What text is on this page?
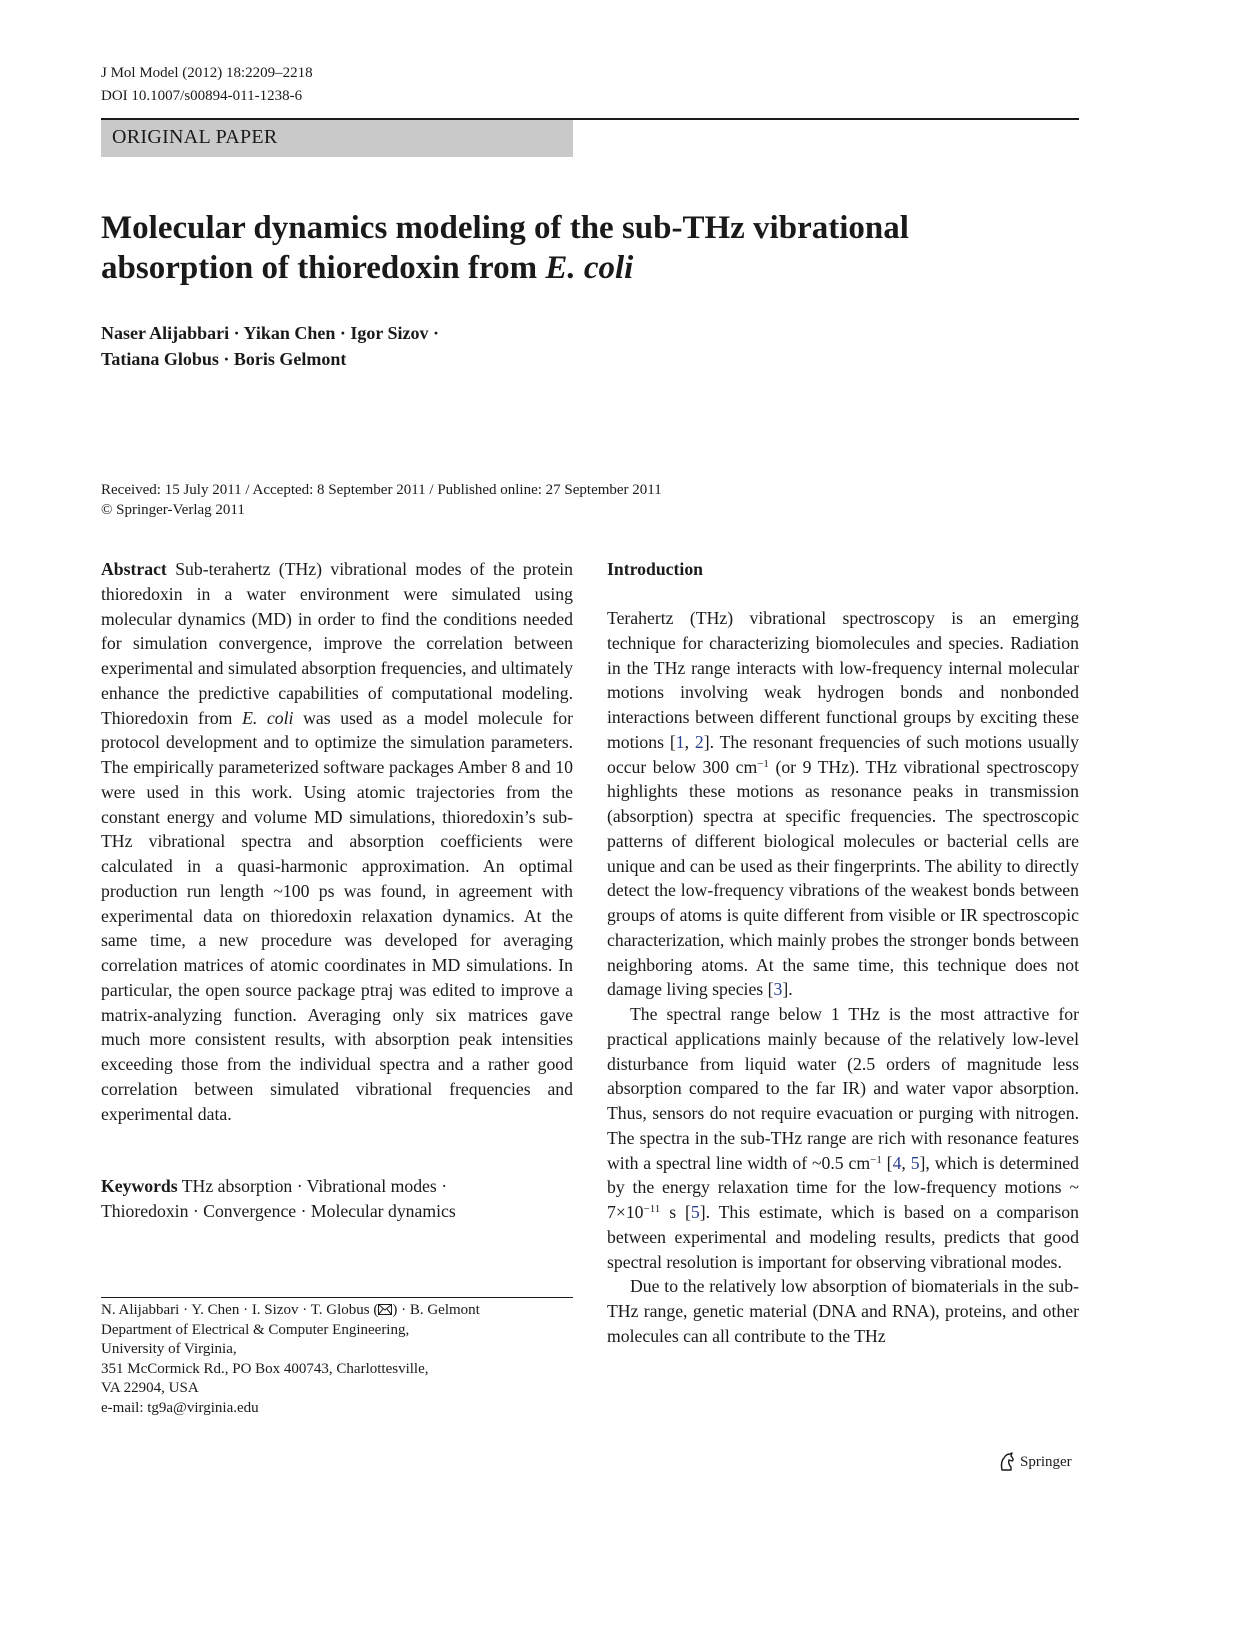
J Mol Model (2012) 18:2209–2218
DOI 10.1007/s00894-011-1238-6
ORIGINAL PAPER
Molecular dynamics modeling of the sub-THz vibrational
absorption of thioredoxin from E. coli
Naser Alijabbari · Yikan Chen · Igor Sizov ·
Tatiana Globus · Boris Gelmont
Received: 15 July 2011 / Accepted: 8 September 2011 / Published online: 27 September 2011
© Springer-Verlag 2011

Abstract Sub-terahertz (THz) vibrational modes of the protein thioredoxin in a water environment were simulated using molecular dynamics (MD) in order to find the conditions needed for simulation convergence, improve the correlation between experimental and simulated absorption frequencies, and ultimately enhance the predictive capabilities of computational modeling. Thioredoxin from E. coli was used as a model molecule for protocol development and to optimize the simulation parameters. The empirically parameterized software packages Amber 8 and 10 were used in this work. Using atomic trajectories from the constant energy and volume MD simulations, thioredoxin’s sub-THz vibrational spectra and absorption coefficients were calculated in a quasi-harmonic approximation. An optimal production run length ~100 ps was found, in agreement with experimental data on thioredoxin relaxation dynamics. At the same time, a new procedure was developed for averaging correlation matrices of atomic coordinates in MD simulations. In particular, the open source package ptraj was edited to improve a matrix-analyzing function. Averaging only six matrices gave much more consistent results, with absorption peak intensities exceeding those from the individual spectra and a rather good correlation between simulated vibrational frequencies and experimental data.

Keywords THz absorption · Vibrational modes ·
Thioredoxin · Convergence · Molecular dynamics
N. Alijabbari · Y. Chen · I. Sizov · T. Globus ( ) · B. Gelmont
Department of Electrical & Computer Engineering,
University of Virginia,
351 McCormick Rd., PO Box 400743, Charlottesville,
VA 22904, USA
e-mail: tg9a@virginia.edu
Introduction

Terahertz (THz) vibrational spectroscopy is an emerging technique for characterizing biomolecules and species. Radiation in the THz range interacts with low-frequency internal molecular motions involving weak hydrogen bonds and nonbonded interactions between different functional groups by exciting these motions [1, 2]. The resonant frequencies of such motions usually occur below 300 $cm^{-1}$ (or 9 THz). THz vibrational spectroscopy highlights these motions as resonance peaks in transmission (absorption) spectra at specific frequencies. The spectroscopic patterns of different biological molecules or bacterial cells are unique and can be used as their fingerprints. The ability to directly detect the low-frequency vibrations of the weakest bonds between groups of atoms is quite different from visible or IR spectroscopic characterization, which mainly probes the stronger bonds between neighboring atoms. At the same time, this technique does not damage living species [3].

The spectral range below 1 THz is the most attractive for practical applications mainly because of the relatively low-level disturbance from liquid water (2.5 orders of magnitude less absorption compared to the far IR) and water vapor absorption. Thus, sensors do not require evacuation or purging with nitrogen. The spectra in the sub-THz range are rich with resonance features with a spectral line width of ~0.5 $cm^{-1}$ [4, 5], which is determined by the energy relaxation time for the low-frequency motions ~ $7\times 10^{-11}$ s [5]. This estimate, which is based on a comparison between experimental and modeling results, predicts that good spectral resolution is important for observing vibrational modes.

Due to the relatively low absorption of biomaterials in the sub-THz range, genetic material (DNA and RNA), proteins, and other molecules can all contribute to the THz

Springer
